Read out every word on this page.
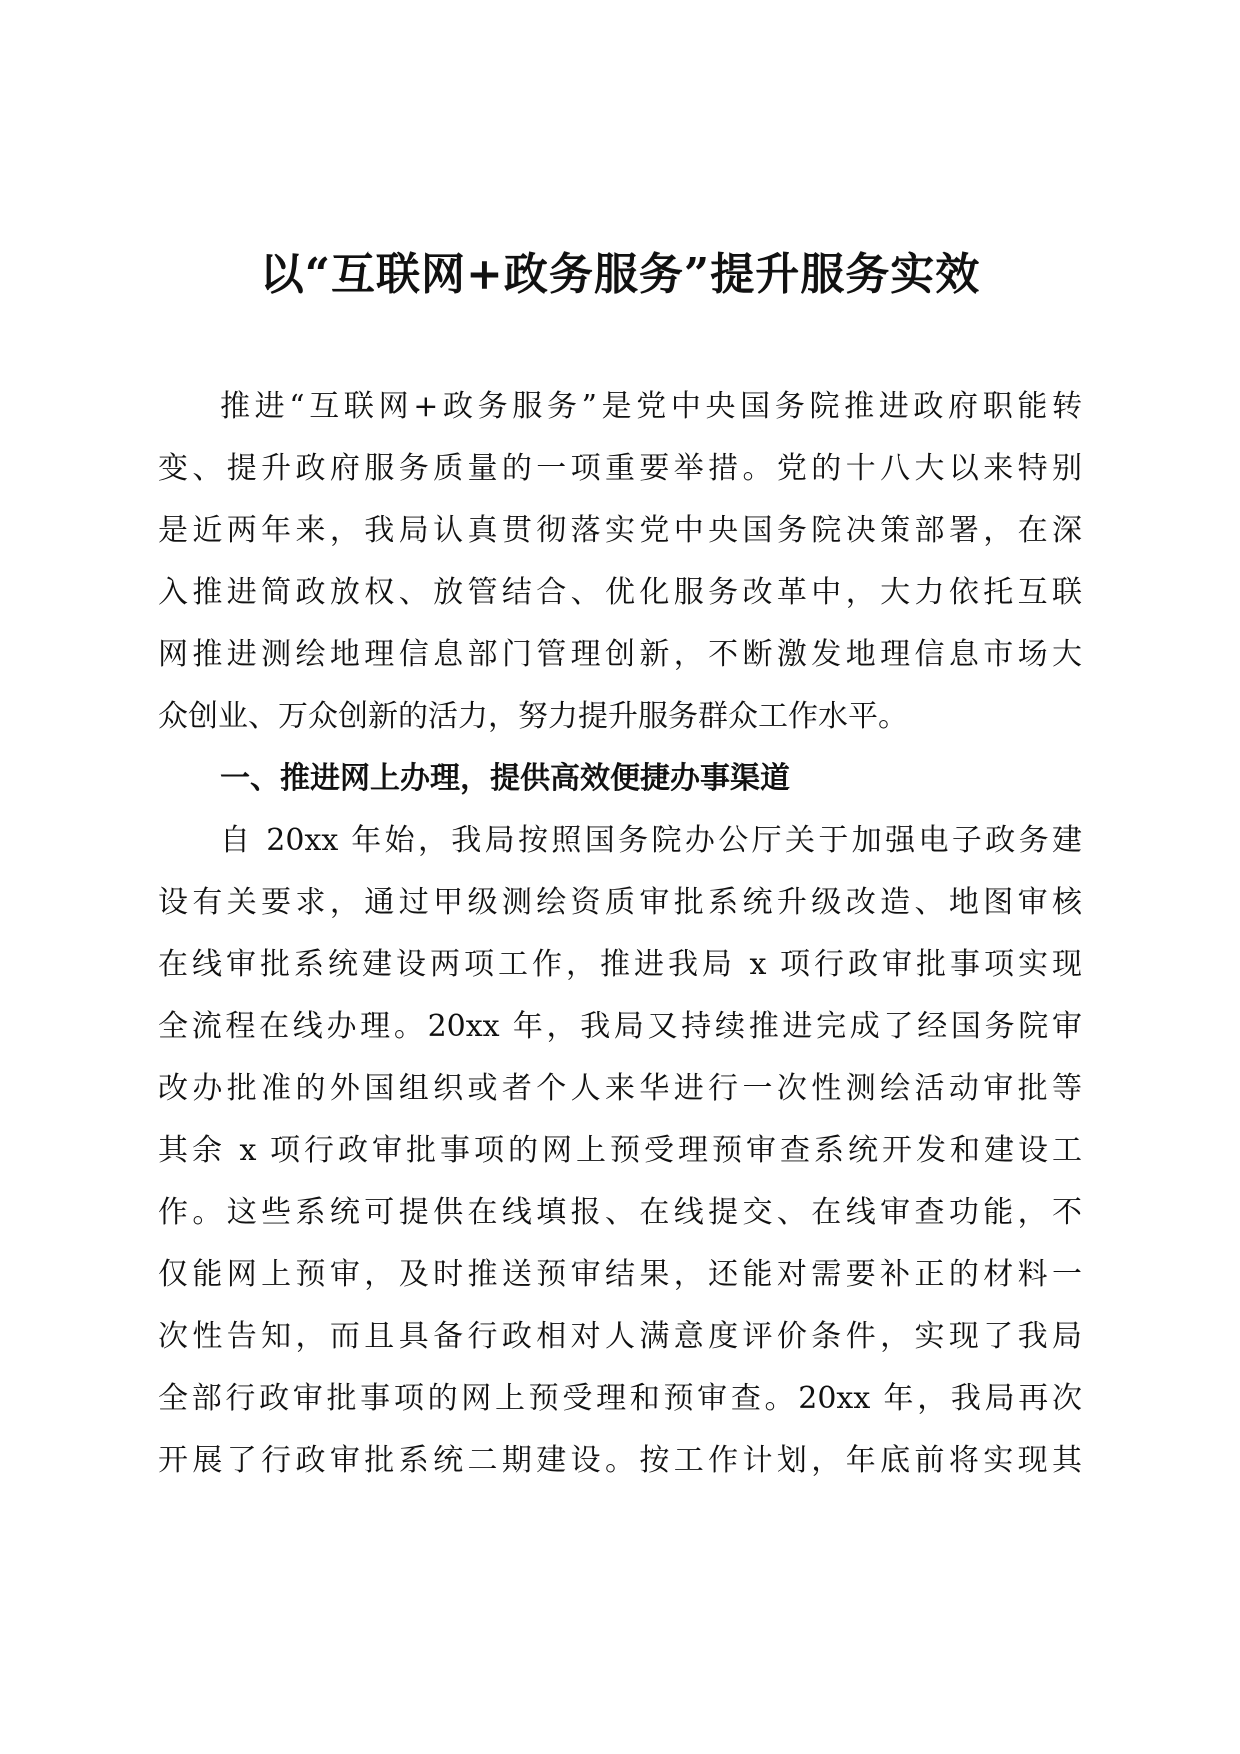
以“互联网+政务服务”提升服务实效
推进“互联网+政务服务”是党中央国务院推进政府职能转
变、提升政府服务质量的一项重要举措。党的十八大以来特别
是近两年来，我局认真贯彻落实党中央国务院决策部署，在深
入推进简政放权、放管结合、优化服务改革中，大力依托互联
网推进测绘地理信息部门管理创新，不断激发地理信息市场大
众创业、万众创新的活力，努力提升服务群众工作水平。
一、推进网上办理，提供高效便捷办事渠道
自 20xx 年始，我局按照国务院办公厅关于加强电子政务建
设有关要求，通过甲级测绘资质审批系统升级改造、地图审核
在线审批系统建设两项工作，推进我局 x 项行政审批事项实现
全流程在线办理。20xx 年，我局又持续推进完成了经国务院审
改办批准的外国组织或者个人来华进行一次性测绘活动审批等
其余 x 项行政审批事项的网上预受理预审查系统开发和建设工
作。这些系统可提供在线填报、在线提交、在线审查功能，不
仅能网上预审，及时推送预审结果，还能对需要补正的材料一
次性告知，而且具备行政相对人满意度评价条件，实现了我局
全部行政审批事项的网上预受理和预审查。20xx 年，我局再次
开展了行政审批系统二期建设。按工作计划，年底前将实现其
